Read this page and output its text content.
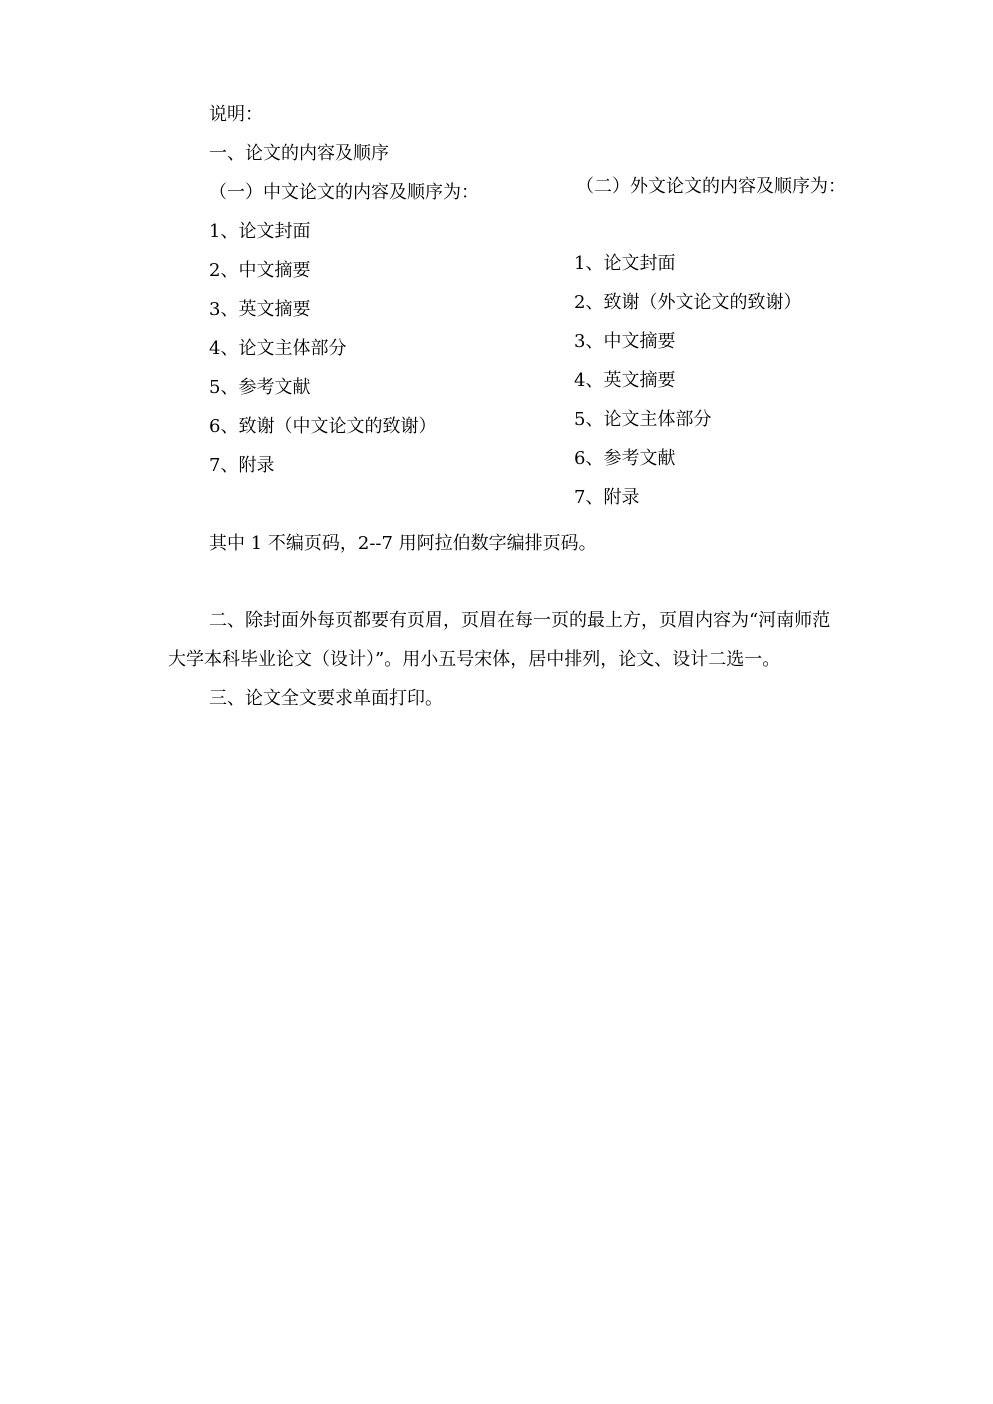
说明：
一、论文的内容及顺序
（一）中文论文的内容及顺序为：
1、论文封面
2、中文摘要
3、英文摘要
4、论文主体部分
5、参考文献
6、致谢（中文论文的致谢）
7、附录
（二）外文论文的内容及顺序为：
1、论文封面
2、致谢（外文论文的致谢）
3、中文摘要
4、英文摘要
5、论文主体部分
6、参考文献
7、附录
其中 1 不编页码，2--7 用阿拉伯数字编排页码。
二、除封面外每页都要有页眉，页眉在每一页的最上方，页眉内容为“河南师范
大学本科毕业论文（设计）”。用小五号宋体，居中排列，论文、设计二选一。
三、论文全文要求单面打印。
